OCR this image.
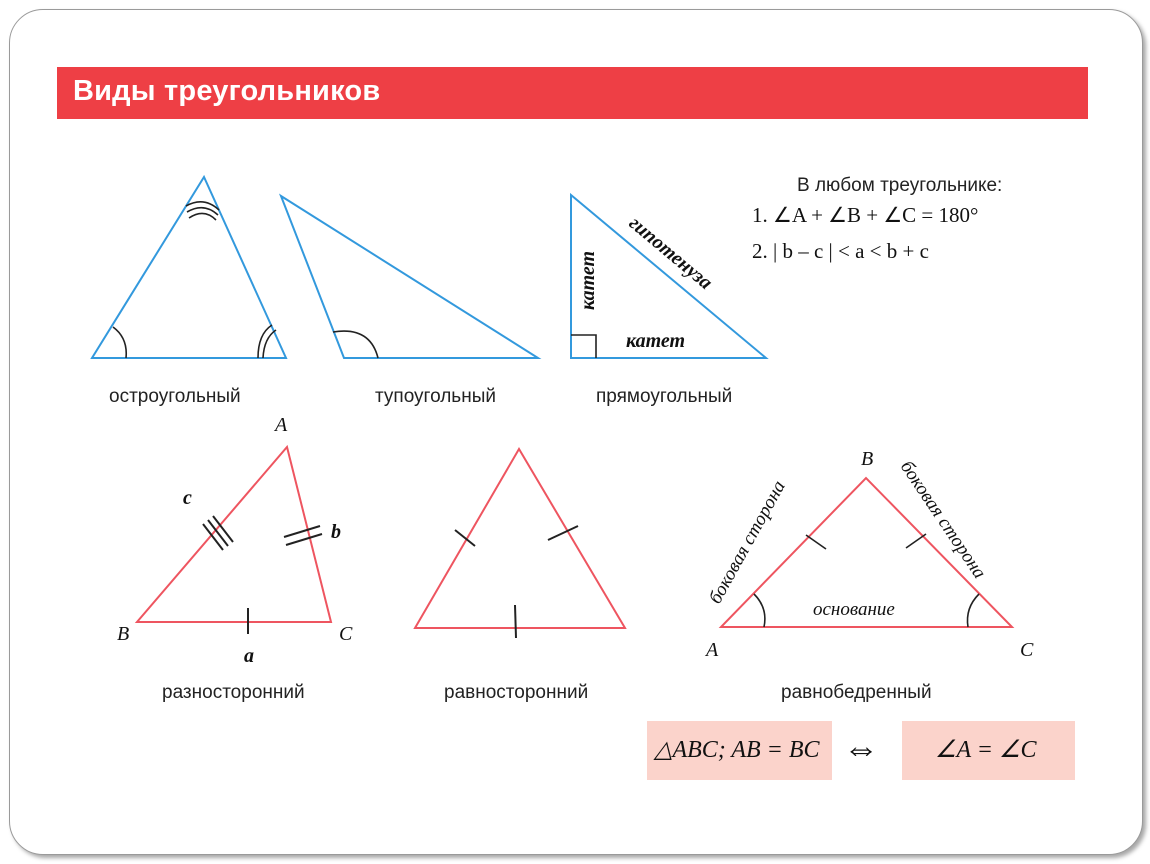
Виды треугольников
гипотенуза
катет
катет
остроугольный	тупоугольный	прямоугольный
В любом треугольнике:
1. ∠A + ∠B + ∠C = 180°
2. | b – c | < a < b + c
A
B	C
a
b
c
A
B
C
боковая сторона	боковая сторона
основание
разносторонний	равносторонний	равнобедренный
△ABC; AB = BC ⇔ ∠A = ∠C
